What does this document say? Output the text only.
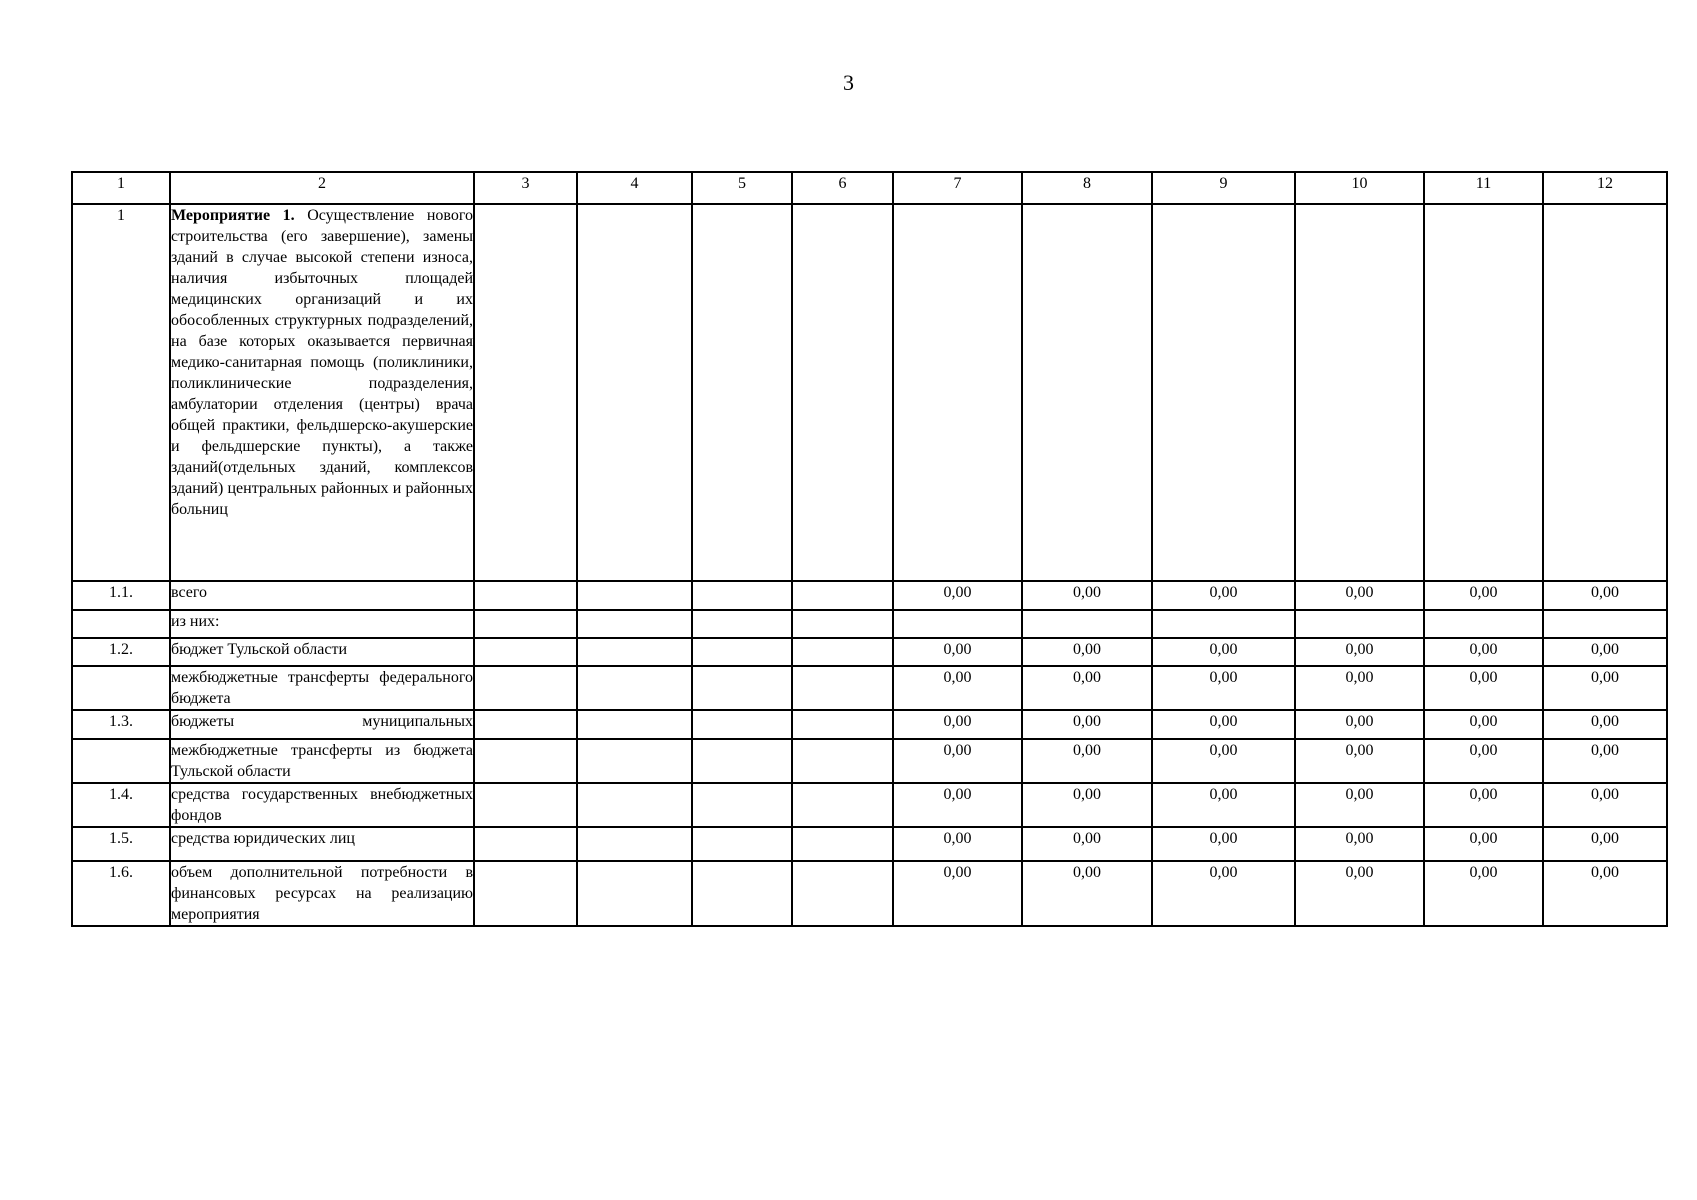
3
1	2	3	4	5	6	7	8	9	10	11	12
1	Мероприятие 1. Осуществление нового строительства (его завершение), замены зданий в случае высокой степени износа, наличия избыточных площадей медицинских организаций и их обособленных структурных подразделений, на базе которых оказывается первичная медико-санитарная помощь (поликлиники, поликлинические подразделения, амбулатории отделения (центры) врача общей практики, фельдшерско-акушерские и фельдшерские пункты), а также зданий(отдельных зданий, комплексов зданий) центральных районных и районных больниц										
1.1.	всего					0,00	0,00	0,00	0,00	0,00	0,00
	из них:										
1.2.	бюджет Тульской области					0,00	0,00	0,00	0,00	0,00	0,00
	межбюджетные трансферты федерального бюджета					0,00	0,00	0,00	0,00	0,00	0,00
1.3.	бюджеты муниципальных					0,00	0,00	0,00	0,00	0,00	0,00
	межбюджетные трансферты из бюджета Тульской области					0,00	0,00	0,00	0,00	0,00	0,00
1.4.	средства государственных внебюджетных фондов					0,00	0,00	0,00	0,00	0,00	0,00
1.5.	средства юридических лиц					0,00	0,00	0,00	0,00	0,00	0,00
1.6.	объем дополнительной потребности в финансовых ресурсах на реализацию мероприятия					0,00	0,00	0,00	0,00	0,00	0,00
